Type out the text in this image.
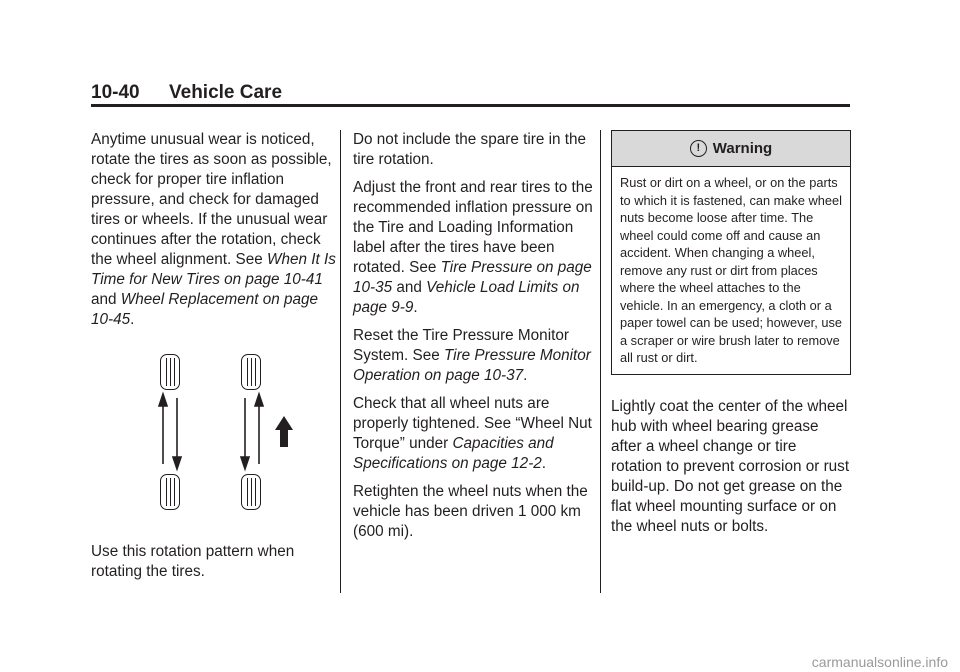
10-40 Vehicle Care

Anytime unusual wear is noticed, rotate the tires as soon as possible, check for proper tire inflation pressure, and check for damaged tires or wheels. If the unusual wear continues after the rotation, check the wheel alignment. See When It Is Time for New Tires on page 10-41 and Wheel Replacement on page 10-45.

Use this rotation pattern when rotating the tires.

Do not include the spare tire in the tire rotation.

Adjust the front and rear tires to the recommended inflation pressure on the Tire and Loading Information label after the tires have been rotated. See Tire Pressure on page 10-35 and Vehicle Load Limits on page 9-9.

Reset the Tire Pressure Monitor System. See Tire Pressure Monitor Operation on page 10-37.

Check that all wheel nuts are properly tightened. See “Wheel Nut Torque” under Capacities and Specifications on page 12-2.

Retighten the wheel nuts when the vehicle has been driven 1 000 km (600 mi).

! Warning
Rust or dirt on a wheel, or on the parts to which it is fastened, can make wheel nuts become loose after time. The wheel could come off and cause an accident. When changing a wheel, remove any rust or dirt from places where the wheel attaches to the vehicle. In an emergency, a cloth or a paper towel can be used; however, use a scraper or wire brush later to remove all rust or dirt.

Lightly coat the center of the wheel hub with wheel bearing grease after a wheel change or tire rotation to prevent corrosion or rust build-up. Do not get grease on the flat wheel mounting surface or on the wheel nuts or bolts.

carmanualsonline.info
